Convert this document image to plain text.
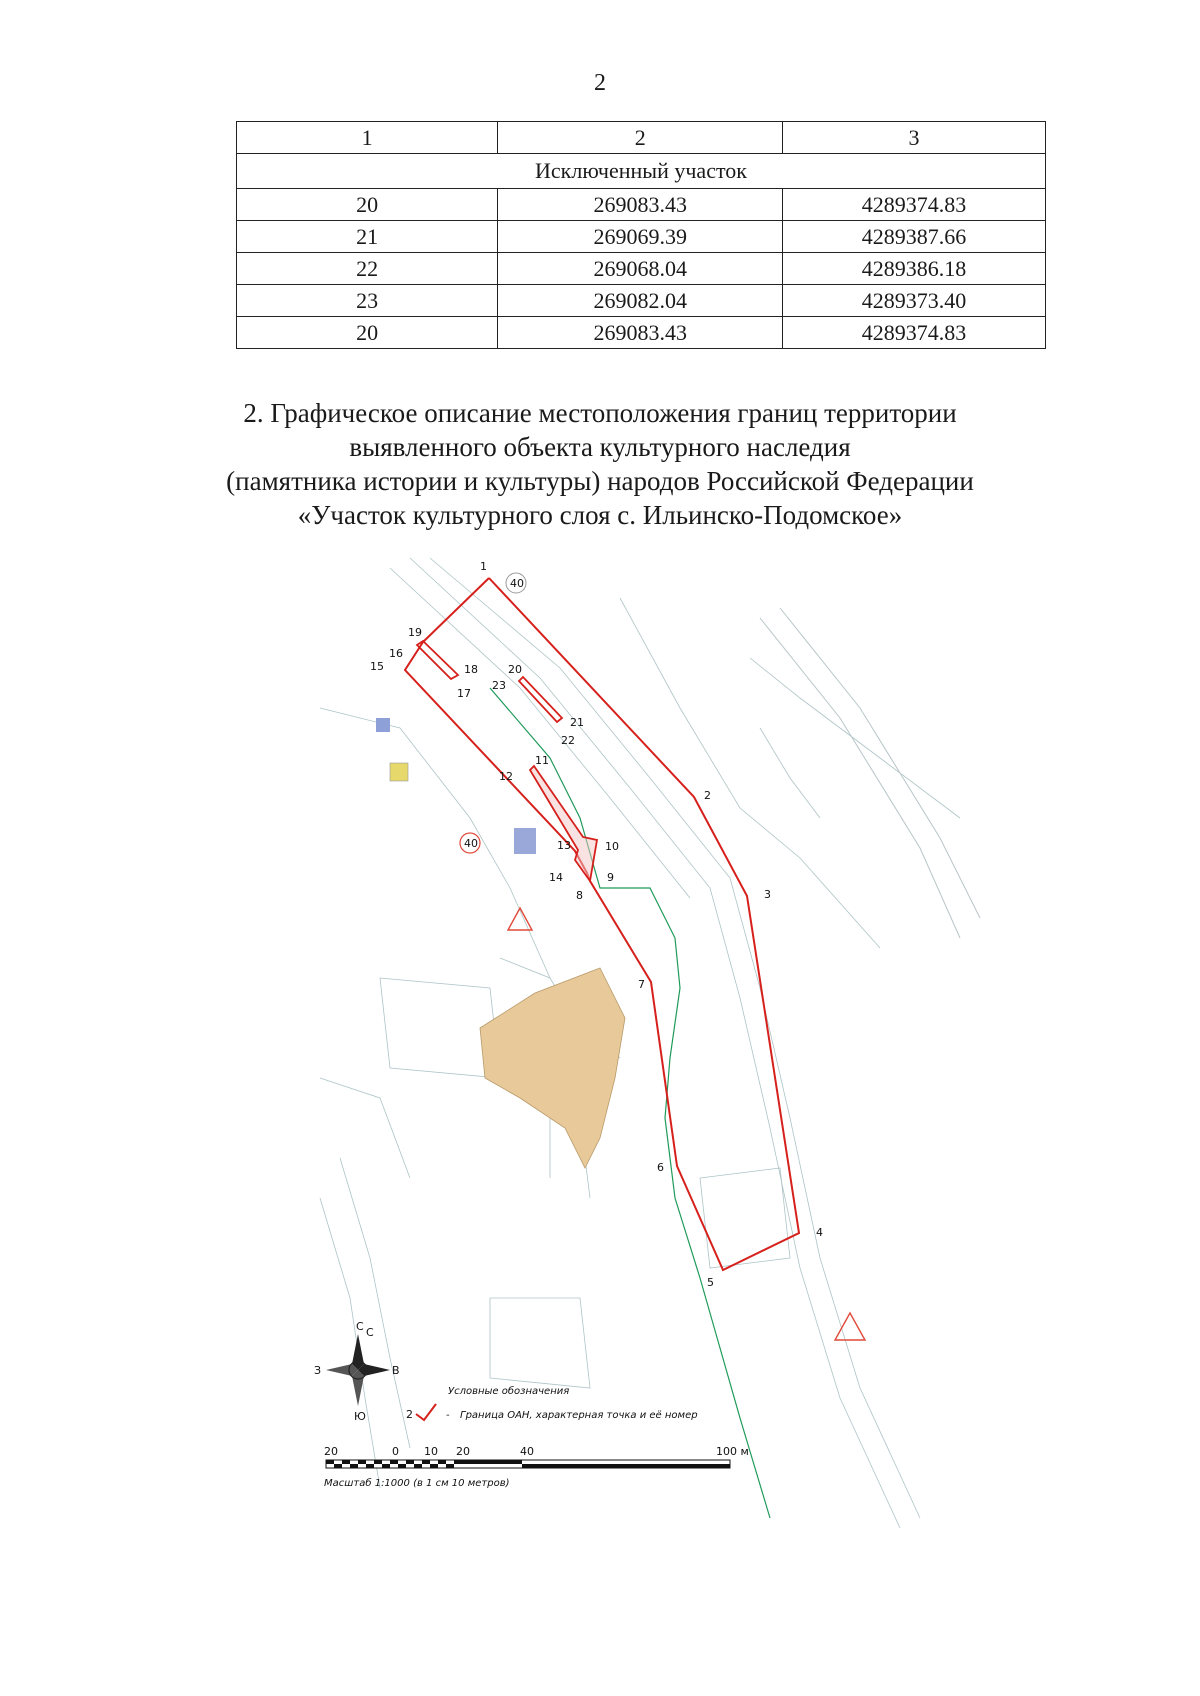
2
1	2	3
Исключенный участок		
20	269083.43	4289374.83
21	269069.39	4289387.66
22	269068.04	4289386.18
23	269082.04	4289373.40
20	269083.43	4289374.83
2. Графическое описание местоположения границ территории
выявленного объекта культурного наследия
(памятника истории и культуры) народов Российской Федерации
«Участок культурного слоя с. Ильинско-Подомское»
40
40
1
2
3
4
5
6
7
8
9
10
11
12
13
14
15
16
17
18
19
20
21
22
23
С С
В
Ю
З
Условные обозначения
2	- Граница ОАН, характерная точка и её номер
20	0 10 20	40	100 м
Масштаб 1:1000 (в 1 см 10 метров)
